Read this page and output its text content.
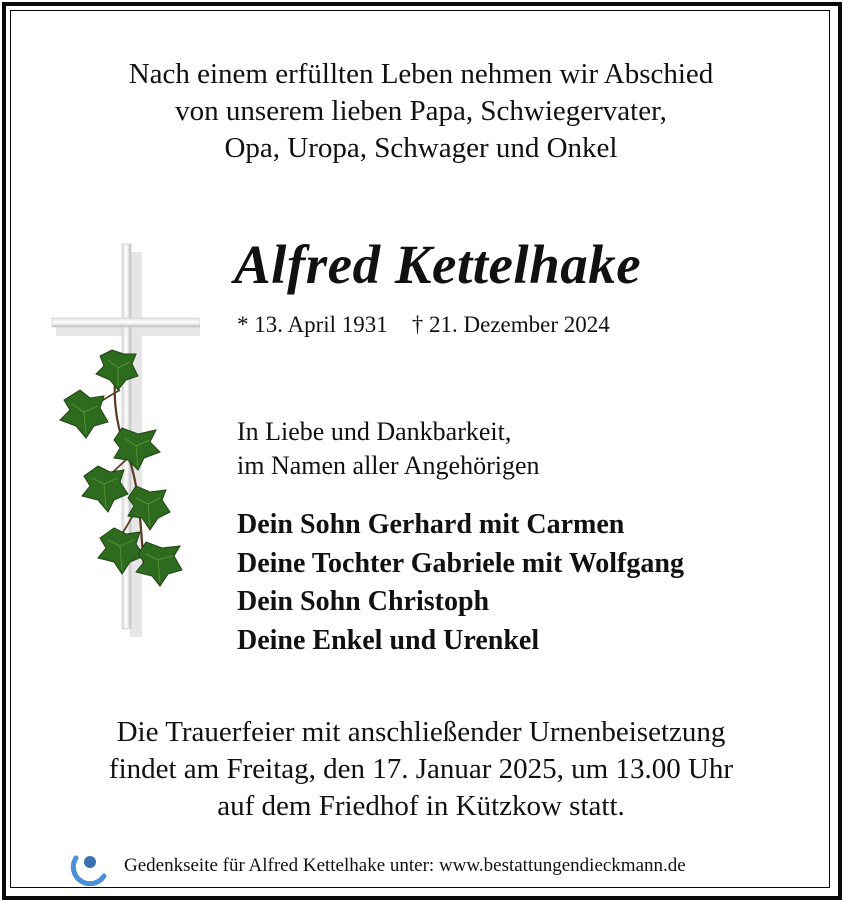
Nach einem erfüllten Leben nehmen wir Abschied
von unserem lieben Papa, Schwiegervater,
Opa, Uropa, Schwager und Onkel
Alfred Kettelhake
* 13. April 1931 † 21. Dezember 2024
In Liebe und Dankbarkeit,
im Namen aller Angehörigen
Dein Sohn Gerhard mit Carmen
Deine Tochter Gabriele mit Wolfgang
Dein Sohn Christoph
Deine Enkel und Urenkel
Die Trauerfeier mit anschließender Urnenbeisetzung
findet am Freitag, den 17. Januar 2025, um 13.00 Uhr
auf dem Friedhof in Kützkow statt.
Gedenkseite für Alfred Kettelhake unter: www.bestattungendieckmann.de
